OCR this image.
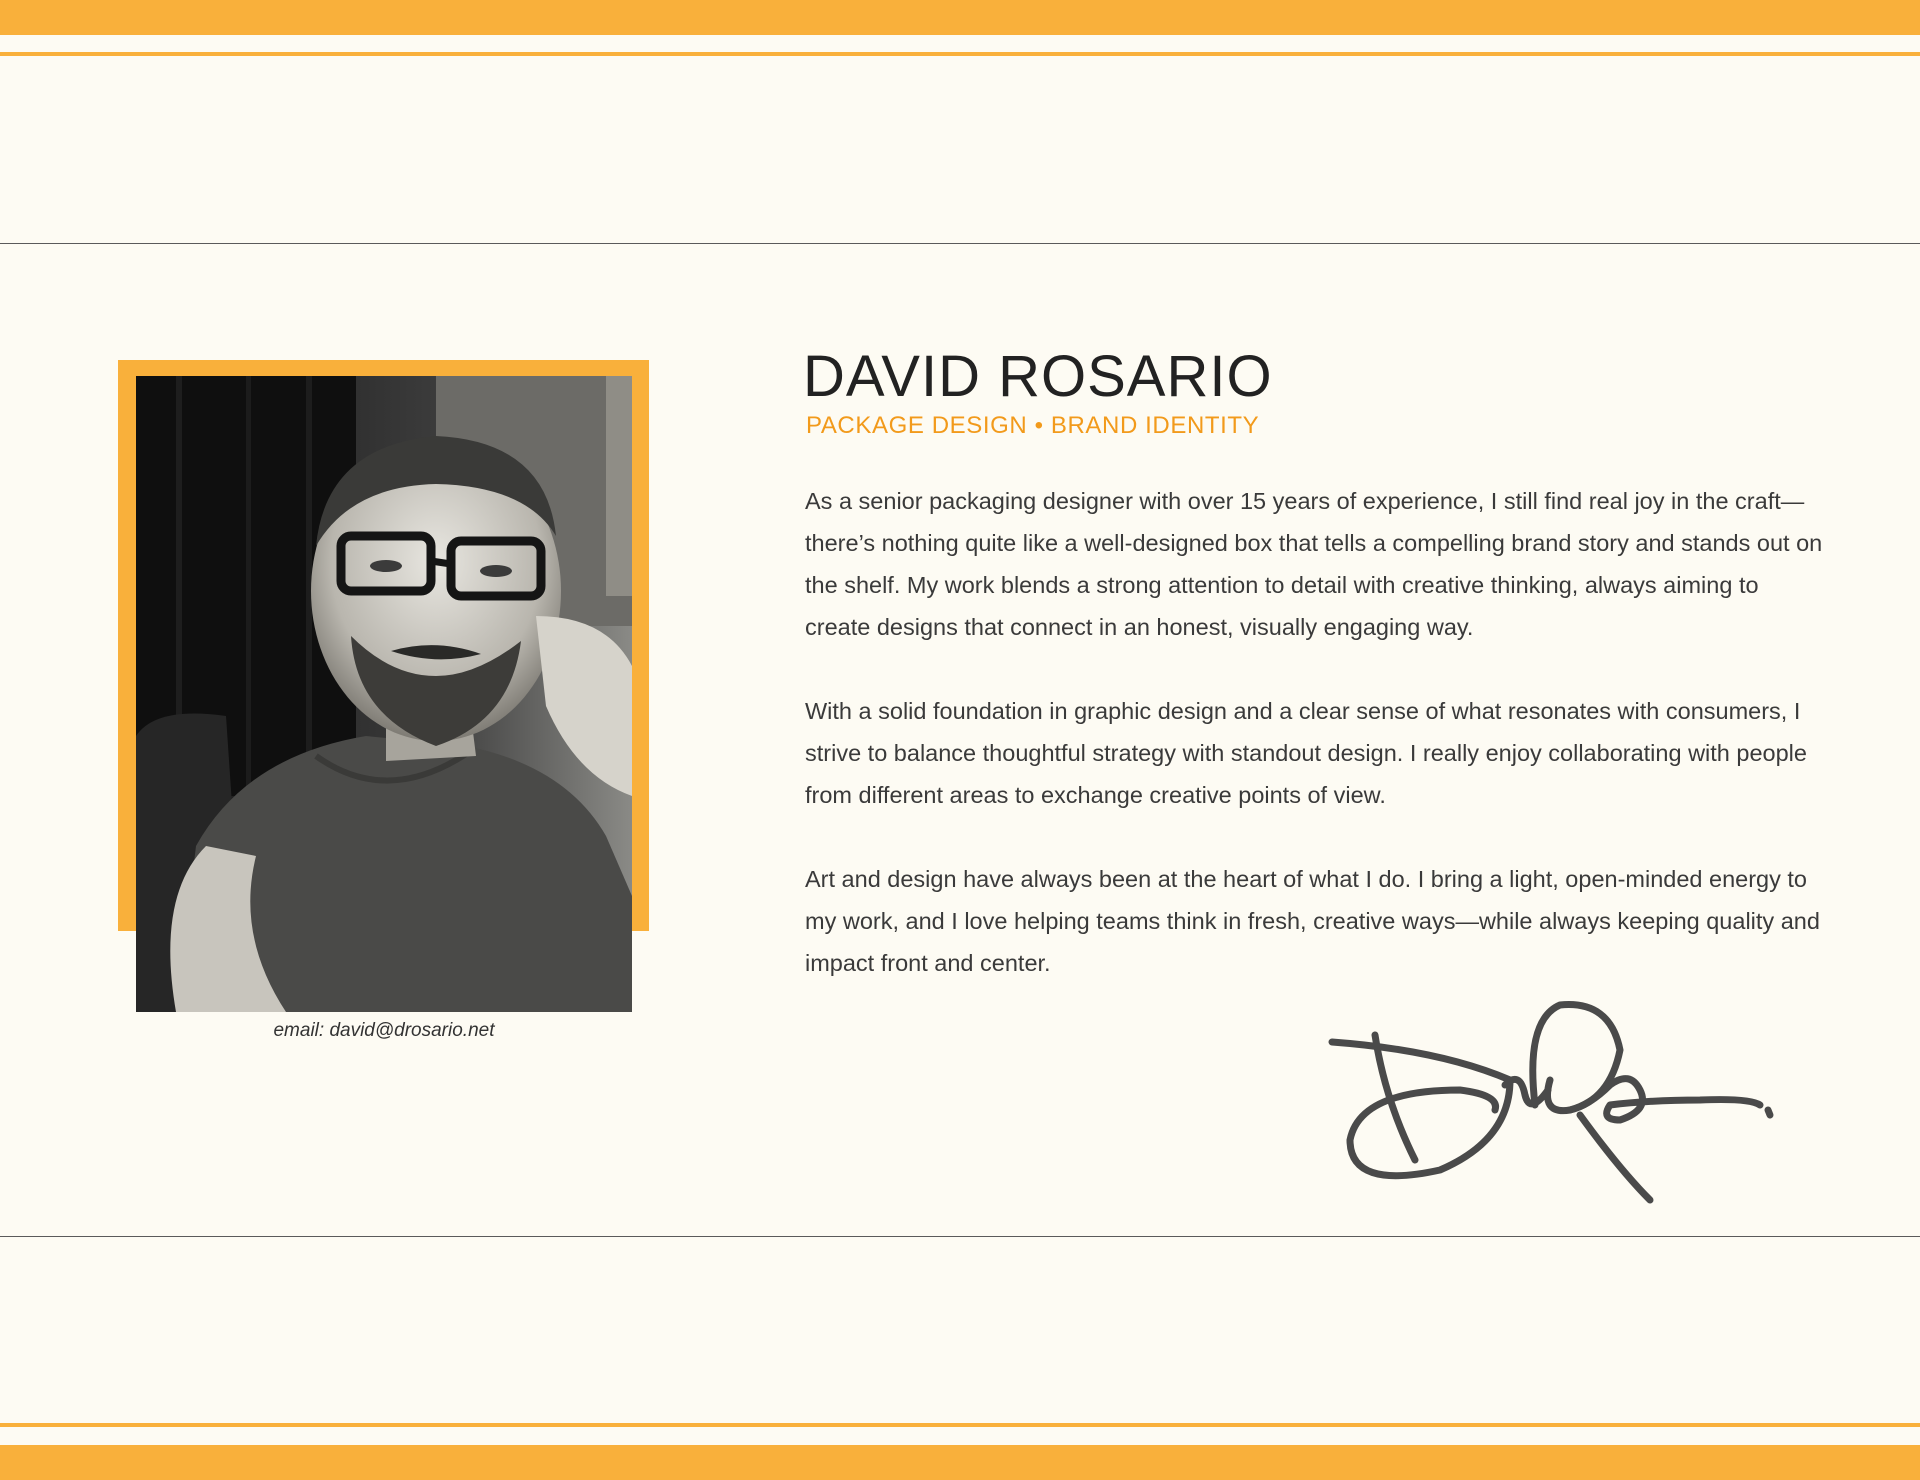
email: david@drosario.net
DAVID ROSARIO
PACKAGE DESIGN • BRAND IDENTITY

As a senior packaging designer with over 15 years of experience, I still find real joy in the craft—there’s nothing quite like a well-designed box that tells a compelling brand story and stands out on the shelf. My work blends a strong attention to detail with creative thinking, always aiming to create designs that connect in an honest, visually engaging way.

With a solid foundation in graphic design and a clear sense of what resonates with consumers, I strive to balance thoughtful strategy with standout design. I really enjoy collaborating with people from different areas to exchange creative points of view.

Art and design have always been at the heart of what I do. I bring a light, open-minded energy to my work, and I love helping teams think in fresh, creative ways—while always keeping quality and impact front and center.
